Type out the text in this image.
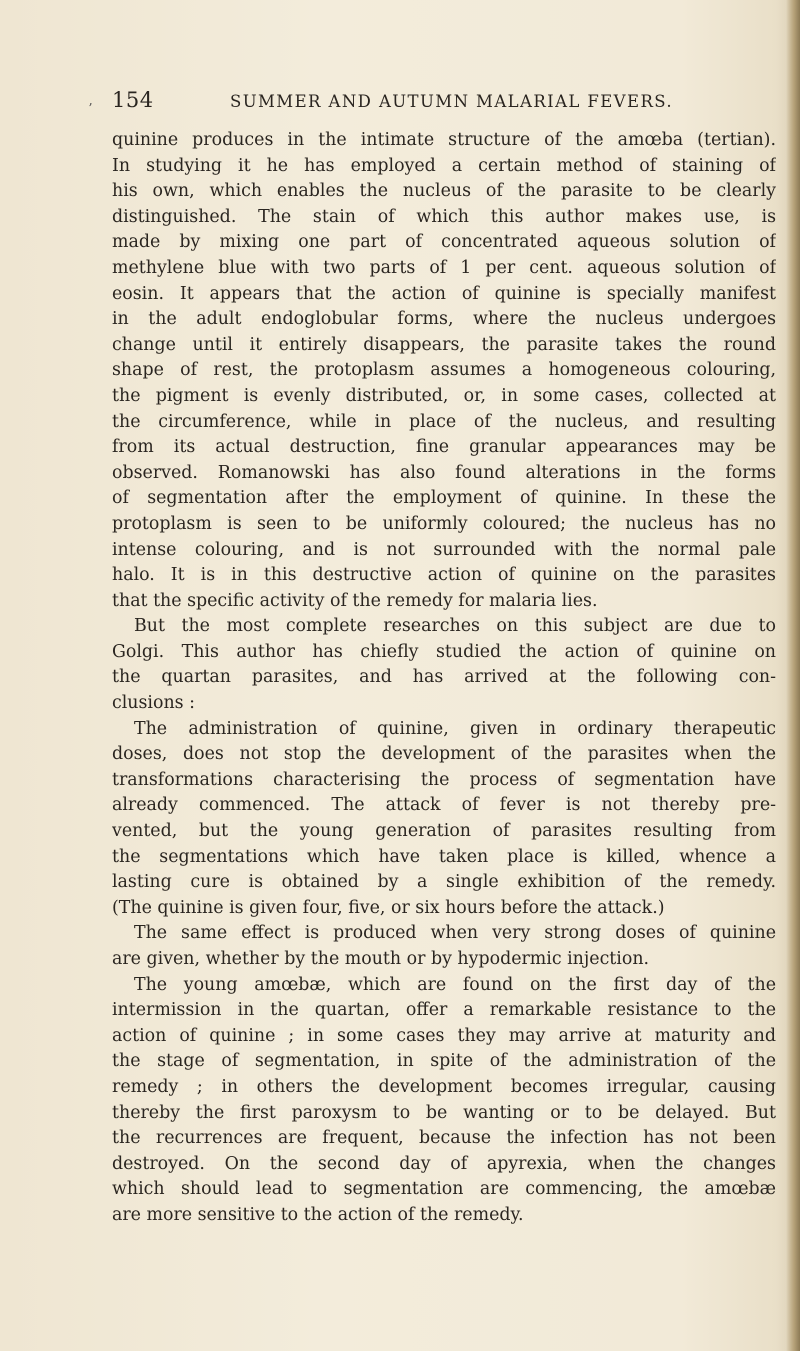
ʼ 154	SUMMER AND AUTUMN MALARIAL FEVERS.
quinine produces in the intimate structure of the amœba (tertian).
In studying it he has employed a certain method of staining of
his own, which enables the nucleus of the parasite to be clearly
distinguished. The stain of which this author makes use, is
made by mixing one part of concentrated aqueous solution of
methylene blue with two parts of 1 per cent. aqueous solution of
eosin. It appears that the action of quinine is specially manifest
in the adult endoglobular forms, where the nucleus undergoes
change until it entirely disappears, the parasite takes the round
shape of rest, the protoplasm assumes a homogeneous colouring,
the pigment is evenly distributed, or, in some cases, collected at
the circumference, while in place of the nucleus, and resulting
from its actual destruction, fine granular appearances may be
observed. Romanowski has also found alterations in the forms
of segmentation after the employment of quinine. In these the
protoplasm is seen to be uniformly coloured; the nucleus has no
intense colouring, and is not surrounded with the normal pale
halo. It is in this destructive action of quinine on the parasites
that the specific activity of the remedy for malaria lies.
But the most complete researches on this subject are due to
Golgi. This author has chiefly studied the action of quinine on
the quartan parasites, and has arrived at the following con-
clusions :
The administration of quinine, given in ordinary therapeutic
doses, does not stop the development of the parasites when the
transformations characterising the process of segmentation have
already commenced. The attack of fever is not thereby pre-
vented, but the young generation of parasites resulting from
the segmentations which have taken place is killed, whence a
lasting cure is obtained by a single exhibition of the remedy.
(The quinine is given four, five, or six hours before the attack.)
The same effect is produced when very strong doses of quinine
are given, whether by the mouth or by hypodermic injection.
The young amœbæ, which are found on the first day of the
intermission in the quartan, offer a remarkable resistance to the
action of quinine ; in some cases they may arrive at maturity and
the stage of segmentation, in spite of the administration of the
remedy ; in others the development becomes irregular, causing
thereby the first paroxysm to be wanting or to be delayed. But
the recurrences are frequent, because the infection has not been
destroyed. On the second day of apyrexia, when the changes
which should lead to segmentation are commencing, the amœbæ
are more sensitive to the action of the remedy.
